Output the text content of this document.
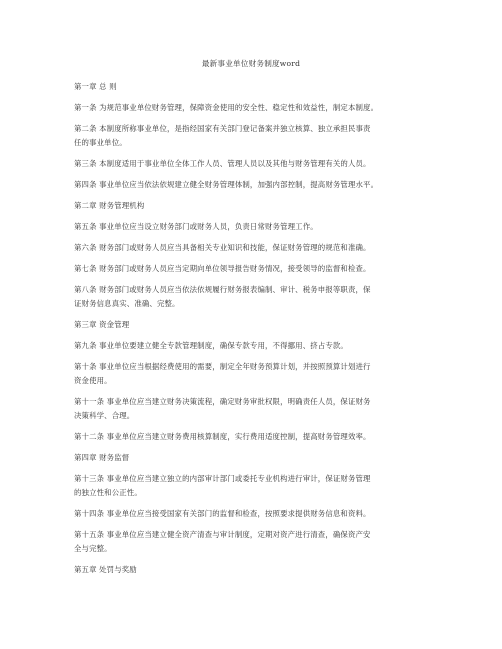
最新事业单位财务制度word
第一章 总 则
第一条 为规范事业单位财务管理，保障资金使用的安全性、稳定性和效益性，制定本制度。
第二条 本制度所称事业单位，是指经国家有关部门登记备案并独立核算、独立承担民事责
任的事业单位。
第三条 本制度适用于事业单位全体工作人员、管理人员以及其他与财务管理有关的人员。
第四条 事业单位应当依法依规建立健全财务管理体制，加强内部控制，提高财务管理水平。
第二章 财务管理机构
第五条 事业单位应当设立财务部门或财务人员，负责日常财务管理工作。
第六条 财务部门或财务人员应当具备相关专业知识和技能，保证财务管理的规范和准确。
第七条 财务部门或财务人员应当定期向单位领导报告财务情况，接受领导的监督和检查。
第八条 财务部门或财务人员应当依法依规履行财务报表编制、审计、税务申报等职责，保
证财务信息真实、准确、完整。
第三章 资金管理
第九条 事业单位要建立健全专款管理制度，确保专款专用，不得挪用、挤占专款。
第十条 事业单位应当根据经费使用的需要，制定全年财务预算计划，并按照预算计划进行
资金使用。
第十一条 事业单位应当建立财务决策流程，确定财务审批权限，明确责任人员，保证财务
决策科学、合理。
第十二条 事业单位应当建立财务费用核算制度，实行费用适度控制，提高财务管理效率。
第四章 财务监督
第十三条 事业单位应当建立独立的内部审计部门或委托专业机构进行审计，保证财务管理
的独立性和公正性。
第十四条 事业单位应当接受国家有关部门的监督和检查，按照要求提供财务信息和资料。
第十五条 事业单位应当建立健全资产清查与审计制度，定期对资产进行清查，确保资产安
全与完整。
第五章 处罚与奖励
